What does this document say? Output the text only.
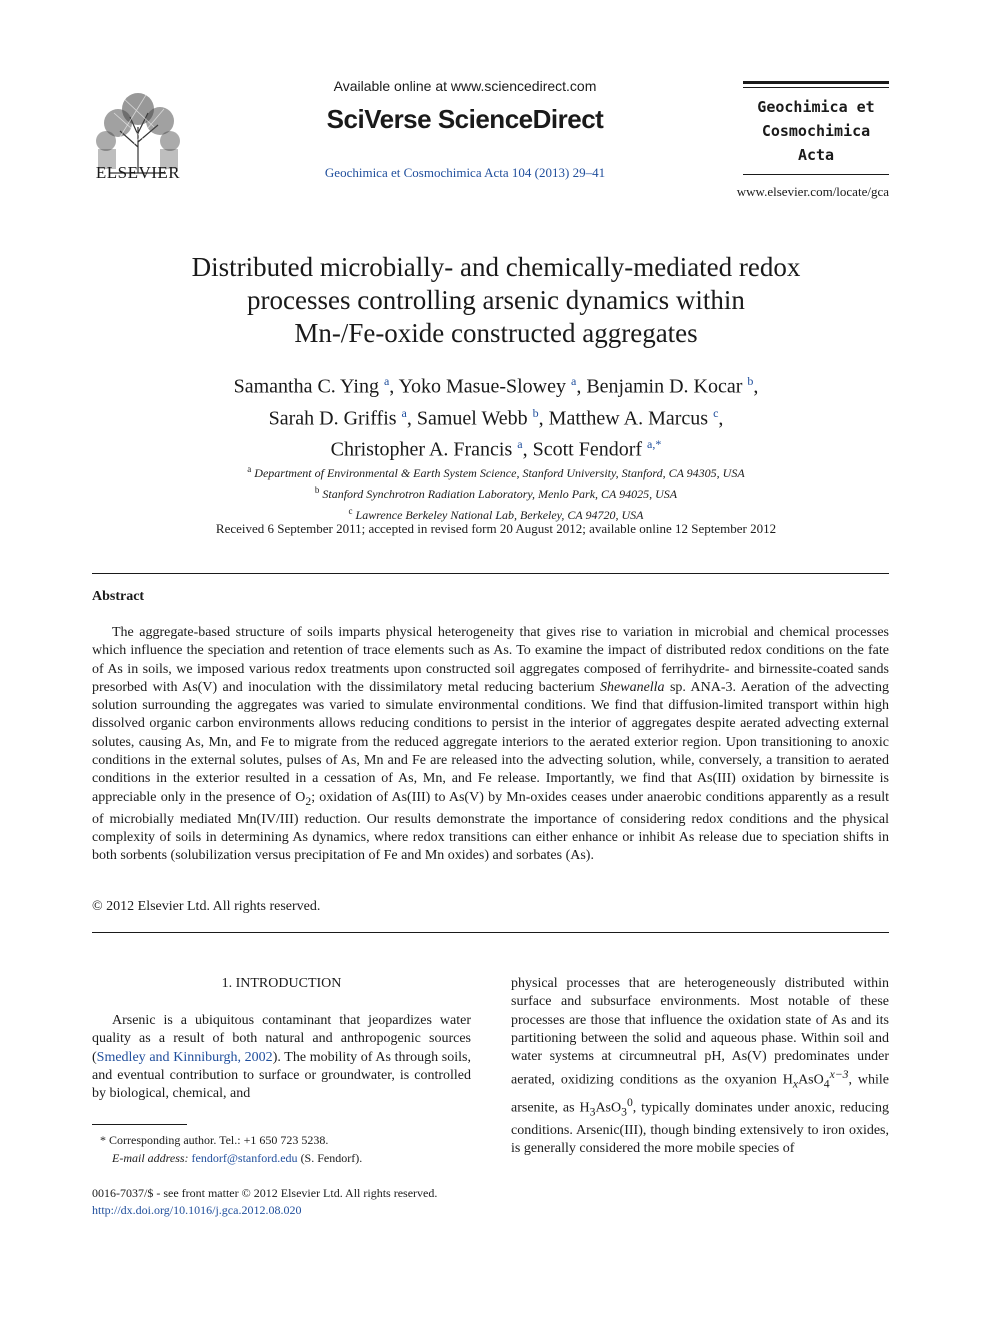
ELSEVIER
Available online at www.sciencedirect.com
SciVerse ScienceDirect
Geochimica et Cosmochimica Acta 104 (2013) 29–41
Geochimica et
Cosmochimica
Acta
www.elsevier.com/locate/gca
Distributed microbially- and chemically-mediated redox
processes controlling arsenic dynamics within
Mn-/Fe-oxide constructed aggregates
Samantha C. Ying $^a$, Yoko Masue-Slowey $^a$, Benjamin D. Kocar $^b$,
Sarah D. Griffis $^a$, Samuel Webb $^b$, Matthew A. Marcus $^c$,
Christopher A. Francis $^a$, Scott Fendorf $^{a,*}$
$^a$ Department of Environmental & Earth System Science, Stanford University, Stanford, CA 94305, USA
$^b$ Stanford Synchrotron Radiation Laboratory, Menlo Park, CA 94025, USA
$^c$ Lawrence Berkeley National Lab, Berkeley, CA 94720, USA
Received 6 September 2011; accepted in revised form 20 August 2012; available online 12 September 2012
Abstract
The aggregate-based structure of soils imparts physical heterogeneity that gives rise to variation in microbial and chemical processes which influence the speciation and retention of trace elements such as As. To examine the impact of distributed redox conditions on the fate of As in soils, we imposed various redox treatments upon constructed soil aggregates composed of ferrihydrite- and birnessite-coated sands presorbed with As(V) and inoculation with the dissimilatory metal reducing bacterium Shewanella sp. ANA-3. Aeration of the advecting solution surrounding the aggregates was varied to simulate environmental conditions. We find that diffusion-limited transport within high dissolved organic carbon environments allows reducing conditions to persist in the interior of aggregates despite aerated advecting external solutes, causing As, Mn, and Fe to migrate from the reduced aggregate interiors to the aerated exterior region. Upon transitioning to anoxic conditions in the external solutes, pulses of As, Mn and Fe are released into the advecting solution, while, conversely, a transition to aerated conditions in the exterior resulted in a cessation of As, Mn, and Fe release. Importantly, we find that As(III) oxidation by birnessite is appreciable only in the presence of $O_2$; oxidation of As(III) to As(V) by Mn-oxides ceases under anaerobic conditions apparently as a result of microbially mediated Mn(IV/III) reduction. Our results demonstrate the importance of considering redox conditions and the physical complexity of soils in determining As dynamics, where redox transitions can either enhance or inhibit As release due to speciation shifts in both sorbents (solubilization versus precipitation of Fe and Mn oxides) and sorbates (As).
© 2012 Elsevier Ltd. All rights reserved.
1. INTRODUCTION
Arsenic is a ubiquitous contaminant that jeopardizes water quality as a result of both natural and anthropogenic sources (Smedley and Kinniburgh, 2002). The mobility of As through soils, and eventual contribution to surface or groundwater, is controlled by biological, chemical, and
* Corresponding author. Tel.: +1 650 723 5238.
E-mail address: fendorf@stanford.edu (S. Fendorf).
0016-7037/$ - see front matter © 2012 Elsevier Ltd. All rights reserved.
http://dx.doi.org/10.1016/j.gca.2012.08.020
physical processes that are heterogeneously distributed within surface and subsurface environments. Most notable of these processes are those that influence the oxidation state of As and its partitioning between the solid and aqueous phase. Within soil and water systems at circumneutral pH, As(V) predominates under aerated, oxidizing conditions as the oxyanion $H_xAsO_4^{x-3}$, while arsenite, as $H_3AsO_3^0$, typically dominates under anoxic, reducing conditions. Arsenic(III), though binding extensively to iron oxides, is generally considered the more mobile species of
